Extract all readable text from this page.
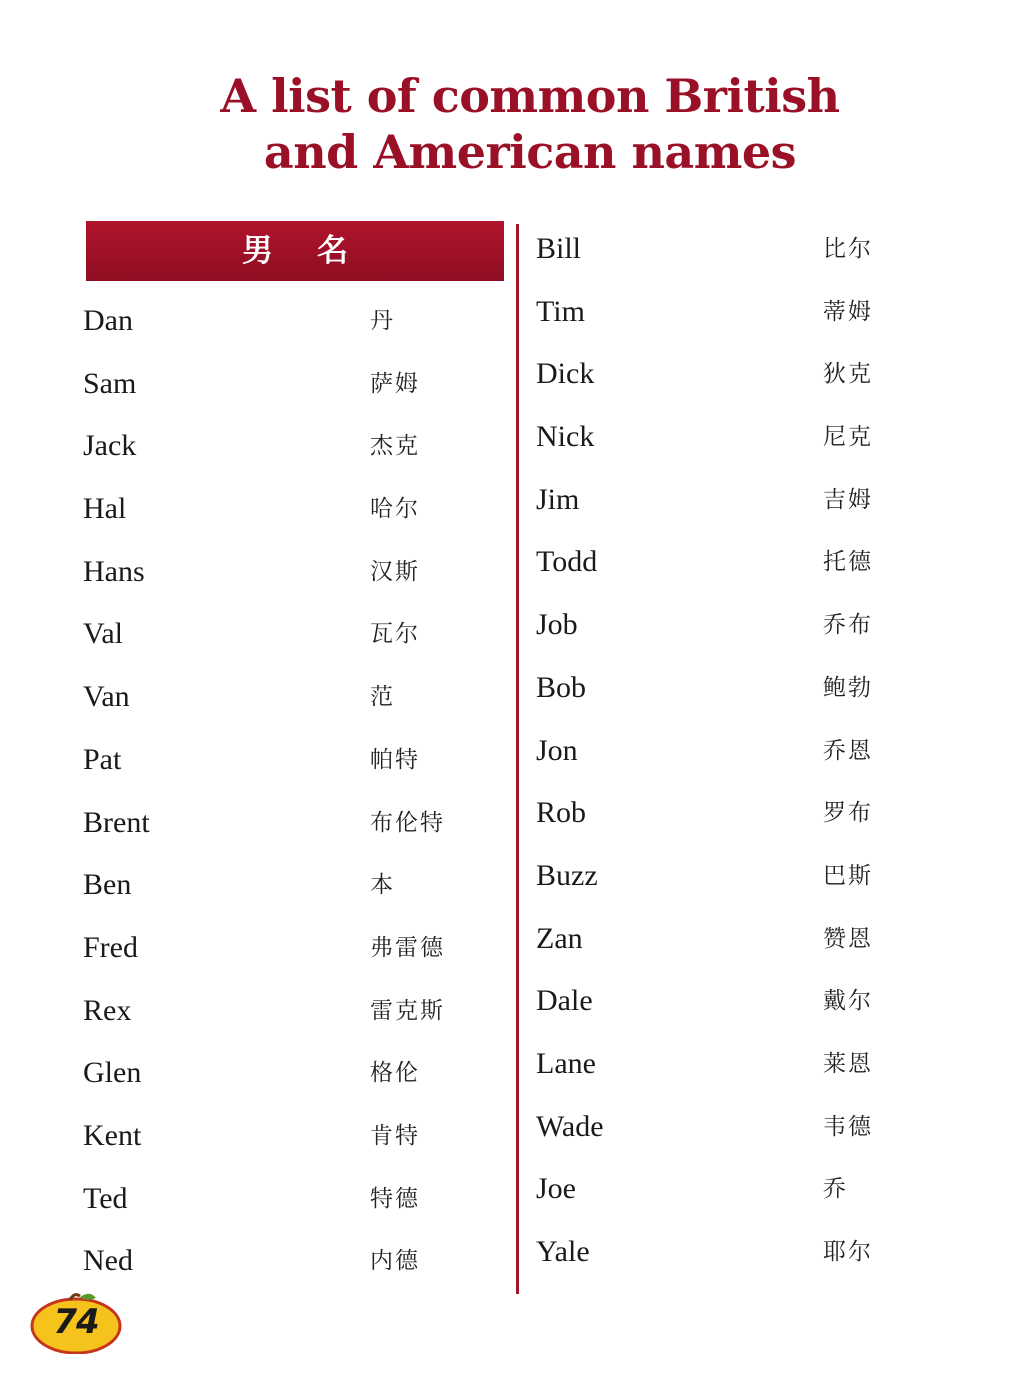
A list of common British
and American names
男 名
Dan	丹
Sam	萨姆
Jack	杰克
Hal	哈尔
Hans	汉斯
Val	瓦尔
Van	范
Pat	帕特
Brent	布伦特
Ben	本
Fred	弗雷德
Rex	雷克斯
Glen	格伦
Kent	肯特
Ted	特德
Ned	内德
Bill	比尔
Tim	蒂姆
Dick	狄克
Nick	尼克
Jim	吉姆
Todd	托德
Job	乔布
Bob	鲍勃
Jon	乔恩
Rob	罗布
Buzz	巴斯
Zan	赞恩
Dale	戴尔
Lane	莱恩
Wade	韦德
Joe	乔
Yale	耶尔
74
